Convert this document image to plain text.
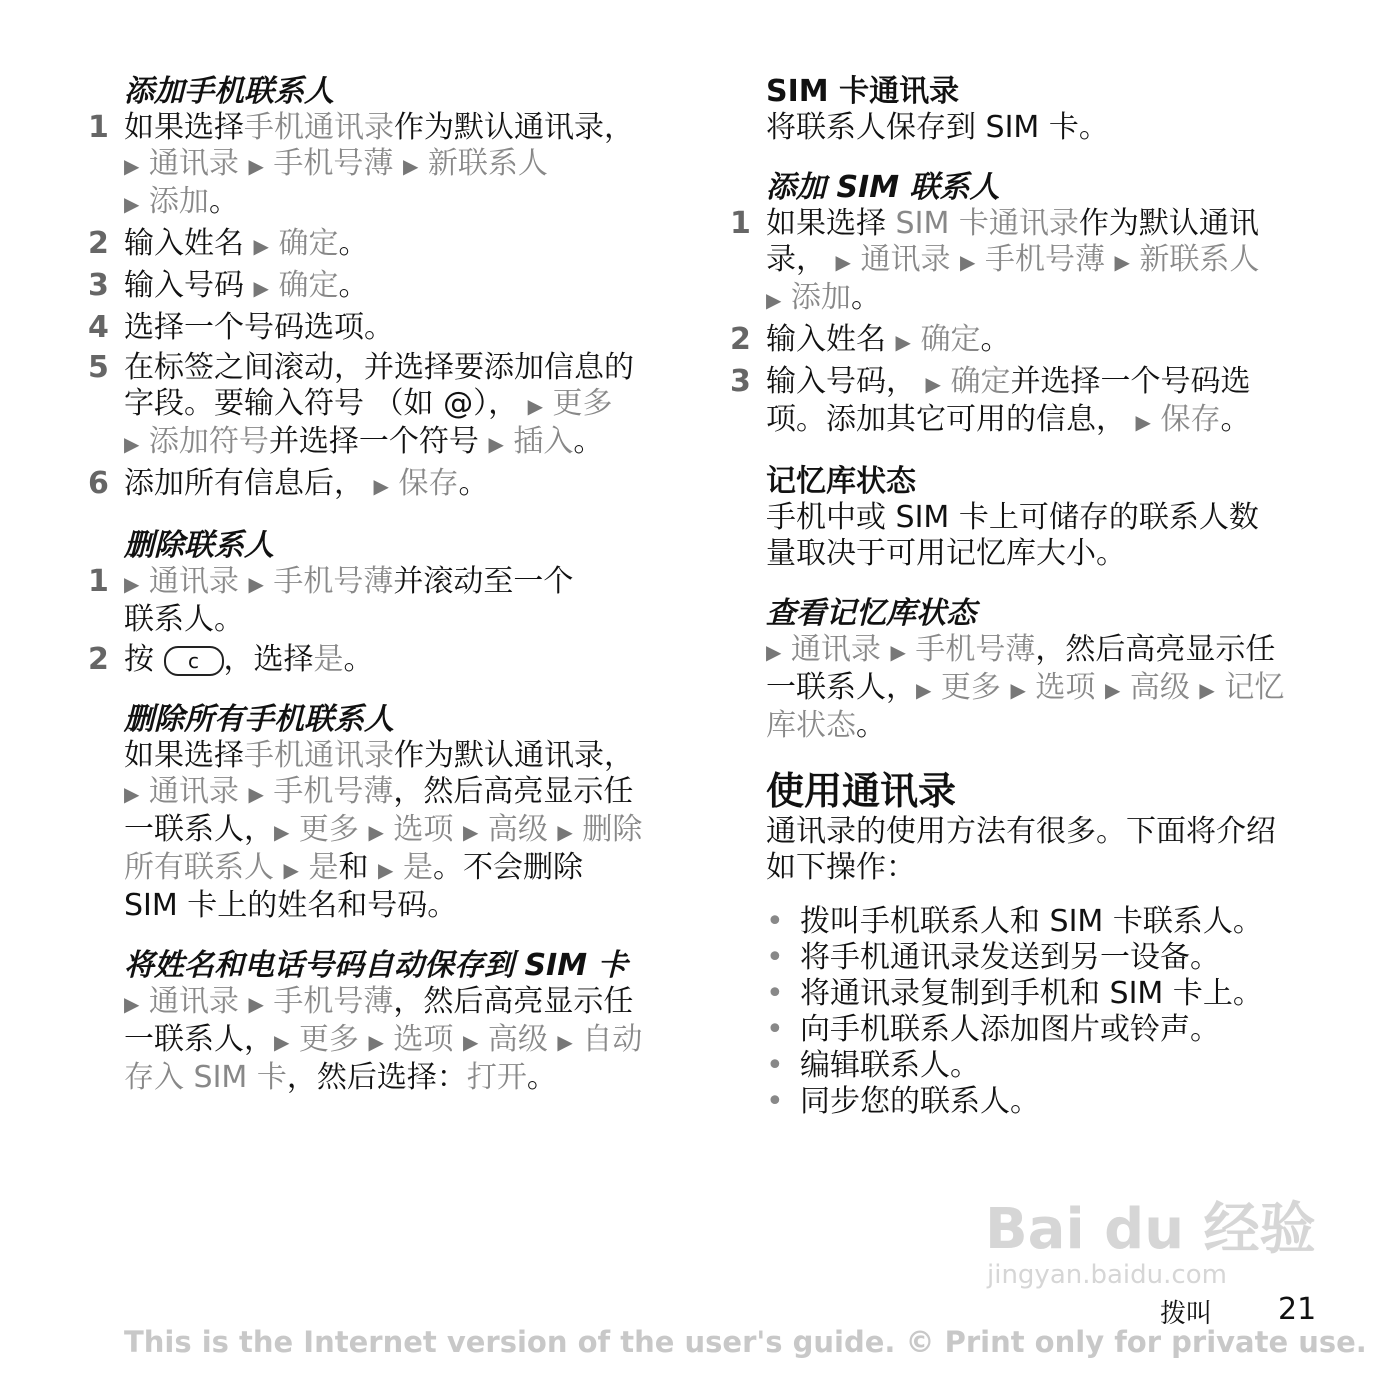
添加手机联系人
1 如果选择手机通讯录作为默认通讯录，
▶ 通讯录 ▶ 手机号薄 ▶ 新联系人
▶ 添加。
2 输入姓名 ▶ 确定。
3 输入号码 ▶ 确定。
4 选择一个号码选项。
5 在标签之间滚动，并选择要添加信息的
字段。要输入符号 （如 @）， ▶ 更多
▶ 添加符号并选择一个符号 ▶ 插入。
6 添加所有信息后， ▶ 保存。
删除联系人
1 ▶ 通讯录 ▶ 手机号薄并滚动至一个
联系人。
2 按 c ，选择是。
删除所有手机联系人
如果选择手机通讯录作为默认通讯录，
▶ 通讯录 ▶ 手机号薄，然后高亮显示任
一联系人，▶ 更多 ▶ 选项 ▶ 高级 ▶ 删除
所有联系人 ▶ 是和 ▶ 是。不会删除
SIM 卡上的姓名和号码。
将姓名和电话号码自动保存到 SIM 卡
▶ 通讯录 ▶ 手机号薄，然后高亮显示任
一联系人，▶ 更多 ▶ 选项 ▶ 高级 ▶ 自动
存入 SIM 卡，然后选择：打开。
SIM 卡通讯录
将联系人保存到 SIM 卡。
添加 SIM 联系人
1 如果选择 SIM 卡通讯录作为默认通讯
录， ▶ 通讯录 ▶ 手机号薄 ▶ 新联系人
▶ 添加。
2 输入姓名 ▶ 确定。
3 输入号码， ▶ 确定并选择一个号码选
项。添加其它可用的信息， ▶ 保存。
记忆库状态
手机中或 SIM 卡上可储存的联系人数
量取决于可用记忆库大小。
查看记忆库状态
▶ 通讯录 ▶ 手机号薄，然后高亮显示任
一联系人，▶ 更多 ▶ 选项 ▶ 高级 ▶ 记忆
库状态。
使用通讯录
通讯录的使用方法有很多。下面将介绍
如下操作：
• 拨叫手机联系人和 SIM 卡联系人。
• 将手机通讯录发送到另一设备。
• 将通讯录复制到手机和 SIM 卡上。
• 向手机联系人添加图片或铃声。
• 编辑联系人。
• 同步您的联系人。
Bai du 经验
jingyan.baidu.com
拨叫 21
This is the Internet version of the user's guide. © Print only for private use.
